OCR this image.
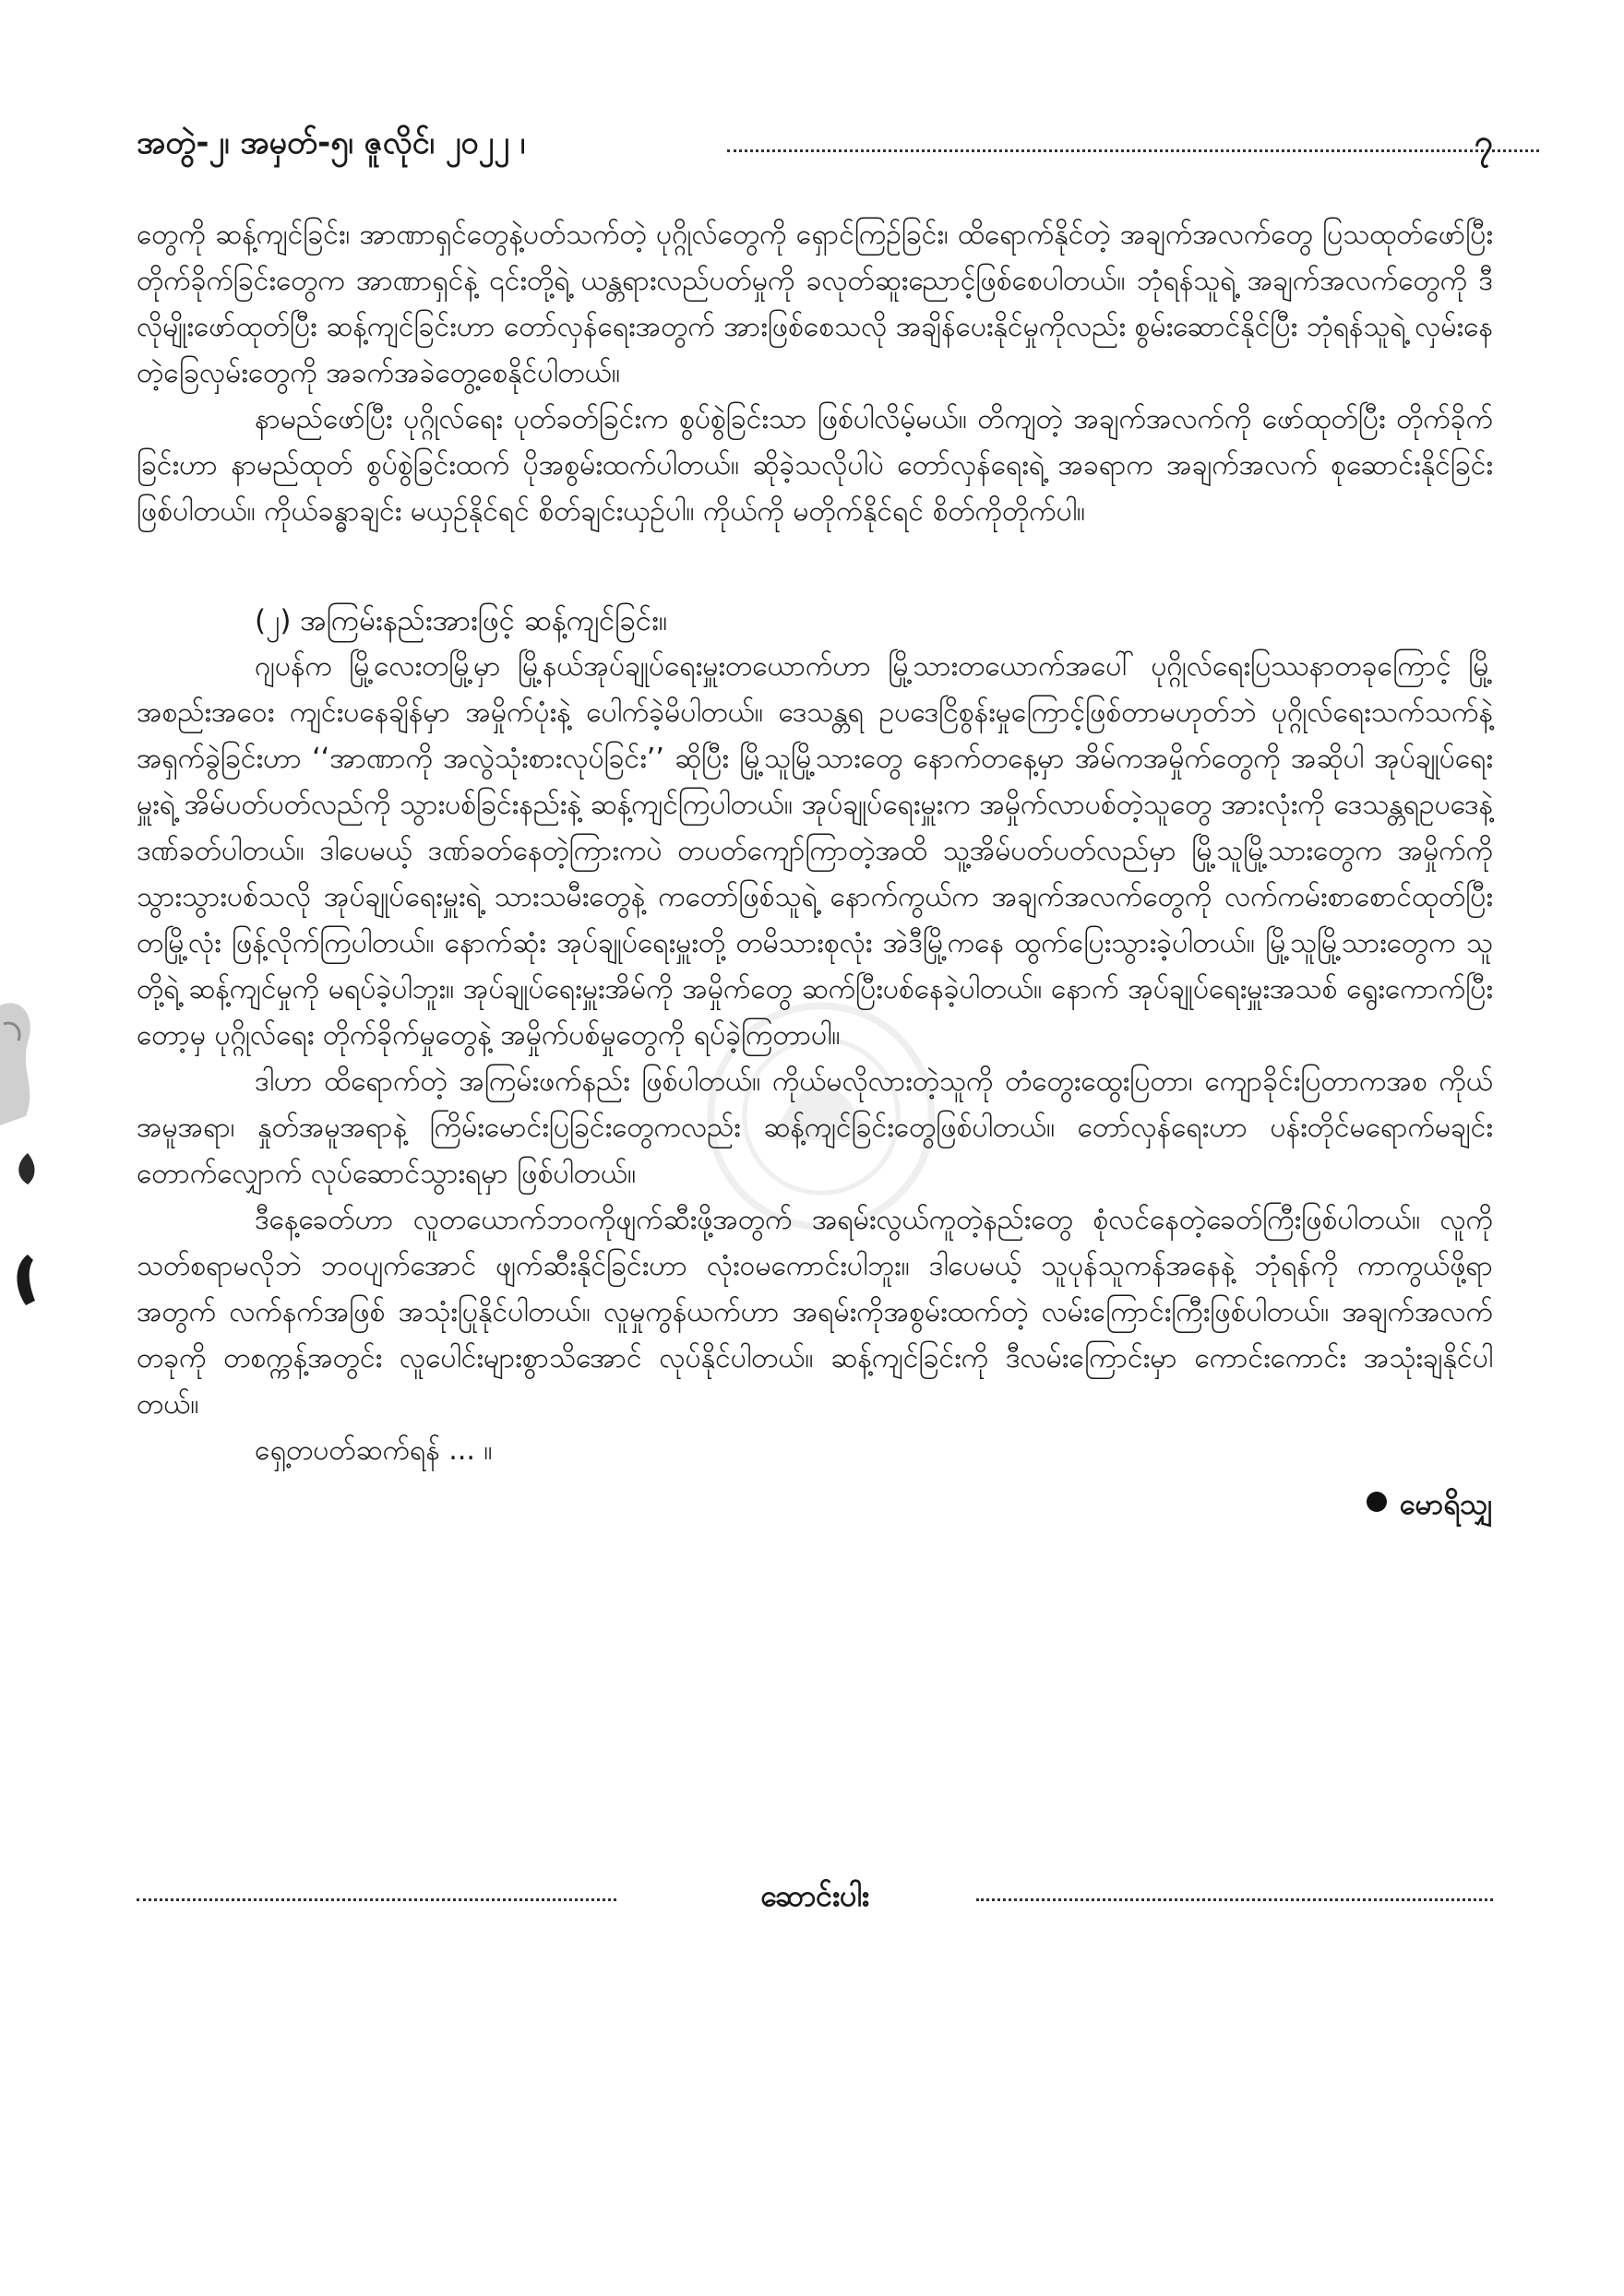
အတွဲ-၂၊ အမှတ်-၅၊ ဇူလိုင်၊ ၂၀၂၂ ၊	၇

တွေကို ဆန့်ကျင်ခြင်း၊ အာဏာရှင်တွေနဲ့ပတ်သက်တဲ့ ပုဂ္ဂိုလ်တွေကို ရှောင်ကြဉ်ခြင်း၊ ထိရောက်နိုင်တဲ့ အချက်အလက်တွေ ပြသထုတ်ဖော်ပြီး တိုက်ခိုက်ခြင်းတွေက အာဏာရှင်နဲ့ ၎င်းတို့ရဲ့ ယန္တရားလည်ပတ်မှုကို ခလုတ်ဆူးညောင့်ဖြစ်စေပါတယ်။ ဘုံရန်သူရဲ့ အချက်အလက်တွေကို ဒီလိုမျိုးဖော်ထုတ်ပြီး ဆန့်ကျင်ခြင်းဟာ တော်လှန်ရေးအတွက် အားဖြစ်စေသလို အချိန်ပေးနိုင်မှုကိုလည်း စွမ်းဆောင်နိုင်ပြီး ဘုံရန်သူရဲ့ လှမ်းနေတဲ့ခြေလှမ်းတွေကို အခက်အခဲတွေ့စေနိုင်ပါတယ်။

နာမည်ဖော်ပြီး ပုဂ္ဂိုလ်ရေး ပုတ်ခတ်ခြင်းက စွပ်စွဲခြင်းသာ ဖြစ်ပါလိမ့်မယ်။ တိကျတဲ့ အချက်အလက်ကို ဖော်ထုတ်ပြီး တိုက်ခိုက်ခြင်းဟာ နာမည်ထုတ် စွပ်စွဲခြင်းထက် ပိုအစွမ်းထက်ပါတယ်။ ဆိုခဲ့သလိုပါပဲ တော်လှန်ရေးရဲ့ အခရာက အချက်အလက် စုဆောင်းနိုင်ခြင်း ဖြစ်ပါတယ်။ ကိုယ်ခန္ဓာချင်း မယှဉ်နိုင်ရင် စိတ်ချင်းယှဉ်ပါ။ ကိုယ်ကို မတိုက်နိုင်ရင် စိတ်ကိုတိုက်ပါ။

(၂) အကြမ်းနည်းအားဖြင့် ဆန့်ကျင်ခြင်း။

ဂျပန်က မြို့လေးတမြို့မှာ မြို့နယ်အုပ်ချုပ်ရေးမှူးတယောက်ဟာ မြို့သားတယောက်အပေါ် ပုဂ္ဂိုလ်ရေးပြဿနာတခုကြောင့် မြို့အစည်းအဝေး ကျင်းပနေချိန်မှာ အမှိုက်ပုံးနဲ့ ပေါက်ခဲ့မိပါတယ်။ ဒေသန္တရ ဥပဒေငြိစွန်းမှုကြောင့်ဖြစ်တာမဟုတ်ဘဲ ပုဂ္ဂိုလ်ရေးသက်သက်နဲ့ အရှက်ခွဲခြင်းဟာ ‘‘အာဏာကို အလွဲသုံးစားလုပ်ခြင်း’’ ဆိုပြီး မြို့သူမြို့သားတွေ နောက်တနေ့မှာ အိမ်ကအမှိုက်တွေကို အဆိုပါ အုပ်ချုပ်ရေးမှူးရဲ့ အိမ်ပတ်ပတ်လည်ကို သွားပစ်ခြင်းနည်းနဲ့ ဆန့်ကျင်ကြပါတယ်။ အုပ်ချုပ်ရေးမှူးက အမှိုက်လာပစ်တဲ့သူတွေ အားလုံးကို ဒေသန္တရဥပဒေနဲ့ ဒဏ်ခတ်ပါတယ်။ ဒါပေမယ့် ဒဏ်ခတ်နေတဲ့ကြားကပဲ တပတ်ကျော်ကြာတဲ့အထိ သူ့အိမ်ပတ်ပတ်လည်မှာ မြို့သူမြို့သားတွေက အမှိုက်ကို သွားသွားပစ်သလို အုပ်ချုပ်ရေးမှူးရဲ့ သားသမီးတွေနဲ့ ကတော်ဖြစ်သူရဲ့ နောက်ကွယ်က အချက်အလက်တွေကို လက်ကမ်းစာစောင်ထုတ်ပြီး တမြို့လုံး ဖြန့်လိုက်ကြပါတယ်။ နောက်ဆုံး အုပ်ချုပ်ရေးမှူးတို့ တမိသားစုလုံး အဲဒီမြို့ကနေ ထွက်ပြေးသွားခဲ့ပါတယ်။ မြို့သူမြို့သားတွေက သူတို့ရဲ့ ဆန့်ကျင်မှုကို မရပ်ခဲ့ပါဘူး။ အုပ်ချုပ်ရေးမှူးအိမ်ကို အမှိုက်တွေ ဆက်ပြီးပစ်နေခဲ့ပါတယ်။ နောက် အုပ်ချုပ်ရေးမှူးအသစ် ရွေးကောက်ပြီးတော့မှ ပုဂ္ဂိုလ်ရေး တိုက်ခိုက်မှုတွေနဲ့ အမှိုက်ပစ်မှုတွေကို ရပ်ခဲ့ကြတာပါ။

ဒါဟာ ထိရောက်တဲ့ အကြမ်းဖက်နည်း ဖြစ်ပါတယ်။ ကိုယ်မလိုလားတဲ့သူကို တံတွေးထွေးပြတာ၊ ကျောခိုင်းပြတာကအစ ကိုယ်အမူအရာ၊ နှုတ်အမူအရာနဲ့ ကြိမ်းမောင်းပြခြင်းတွေကလည်း ဆန့်ကျင်ခြင်းတွေဖြစ်ပါတယ်။ တော်လှန်ရေးဟာ ပန်းတိုင်မရောက်မချင်း တောက်လျှောက် လုပ်ဆောင်သွားရမှာ ဖြစ်ပါတယ်။

ဒီနေ့ခေတ်ဟာ လူတယောက်ဘဝကိုဖျက်ဆီးဖို့အတွက် အရမ်းလွယ်ကူတဲ့နည်းတွေ စုံလင်နေတဲ့ခေတ်ကြီးဖြစ်ပါတယ်။ လူကို သတ်စရာမလိုဘဲ ဘဝပျက်အောင် ဖျက်ဆီးနိုင်ခြင်းဟာ လုံးဝမကောင်းပါဘူး။ ဒါပေမယ့် သူပုန်သူကန်အနေနဲ့ ဘုံရန်ကို ကာကွယ်ဖို့ရာအတွက် လက်နက်အဖြစ် အသုံးပြုနိုင်ပါတယ်။ လူမှုကွန်ယက်ဟာ အရမ်းကိုအစွမ်းထက်တဲ့ လမ်းကြောင်းကြီးဖြစ်ပါတယ်။ အချက်အလက်တခုကို တစက္ကန့်အတွင်း လူပေါင်းများစွာသိအောင် လုပ်နိုင်ပါတယ်။ ဆန့်ကျင်ခြင်းကို ဒီလမ်းကြောင်းမှာ ကောင်းကောင်း အသုံးချနိုင်ပါတယ်။

ရှေ့တပတ်ဆက်ရန် ... ။

မောရိသျှ
ဆောင်းပါး
